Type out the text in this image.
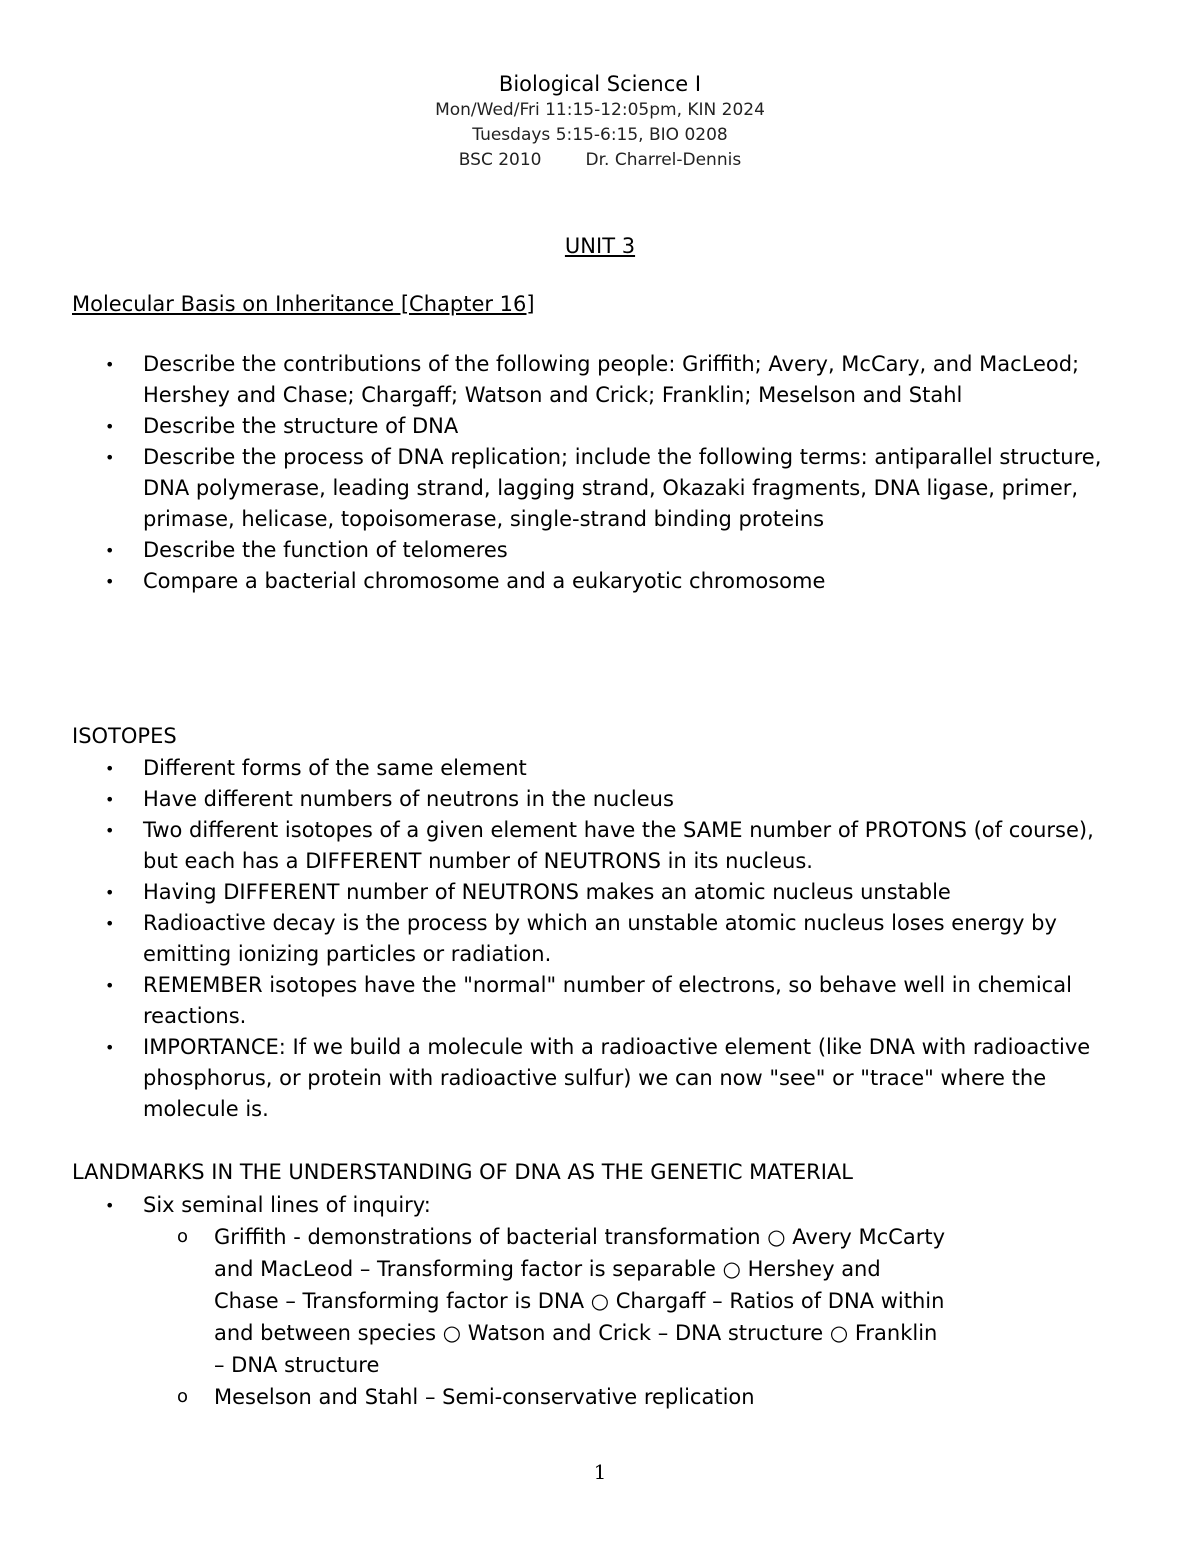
Biological Science I
Mon/Wed/Fri 11:15-12:05pm, KIN 2024
Tuesdays 5:15-6:15, BIO 0208
BSC 2010	Dr. Charrel-Dennis
UNIT 3
Molecular Basis on Inheritance [Chapter 16]
• Describe the contributions of the following people: Griffith; Avery, McCary, and MacLeod; Hershey and Chase; Chargaff; Watson and Crick; Franklin; Meselson and Stahl
• Describe the structure of DNA
• Describe the process of DNA replication; include the following terms: antiparallel structure, DNA polymerase, leading strand, lagging strand, Okazaki fragments, DNA ligase, primer, primase, helicase, topoisomerase, single-strand binding proteins
• Describe the function of telomeres
• Compare a bacterial chromosome and a eukaryotic chromosome
ISOTOPES
• Different forms of the same element
• Have different numbers of neutrons in the nucleus
• Two different isotopes of a given element have the SAME number of PROTONS (of course), but each has a DIFFERENT number of NEUTRONS in its nucleus.
• Having DIFFERENT number of NEUTRONS makes an atomic nucleus unstable
• Radioactive decay is the process by which an unstable atomic nucleus loses energy by emitting ionizing particles or radiation.
• REMEMBER isotopes have the "normal" number of electrons, so behave well in chemical reactions.
• IMPORTANCE: If we build a molecule with a radioactive element (like DNA with radioactive phosphorus, or protein with radioactive sulfur) we can now "see" or "trace" where the molecule is.
LANDMARKS IN THE UNDERSTANDING OF DNA AS THE GENETIC MATERIAL
• Six seminal lines of inquiry:
o Griffith - demonstrations of bacterial transformation ○ Avery McCarty and MacLeod – Transforming factor is separable ○ Hershey and Chase – Transforming factor is DNA ○ Chargaff – Ratios of DNA within and between species ○ Watson and Crick – DNA structure ○ Franklin – DNA structure
o Meselson and Stahl – Semi-conservative replication
1
